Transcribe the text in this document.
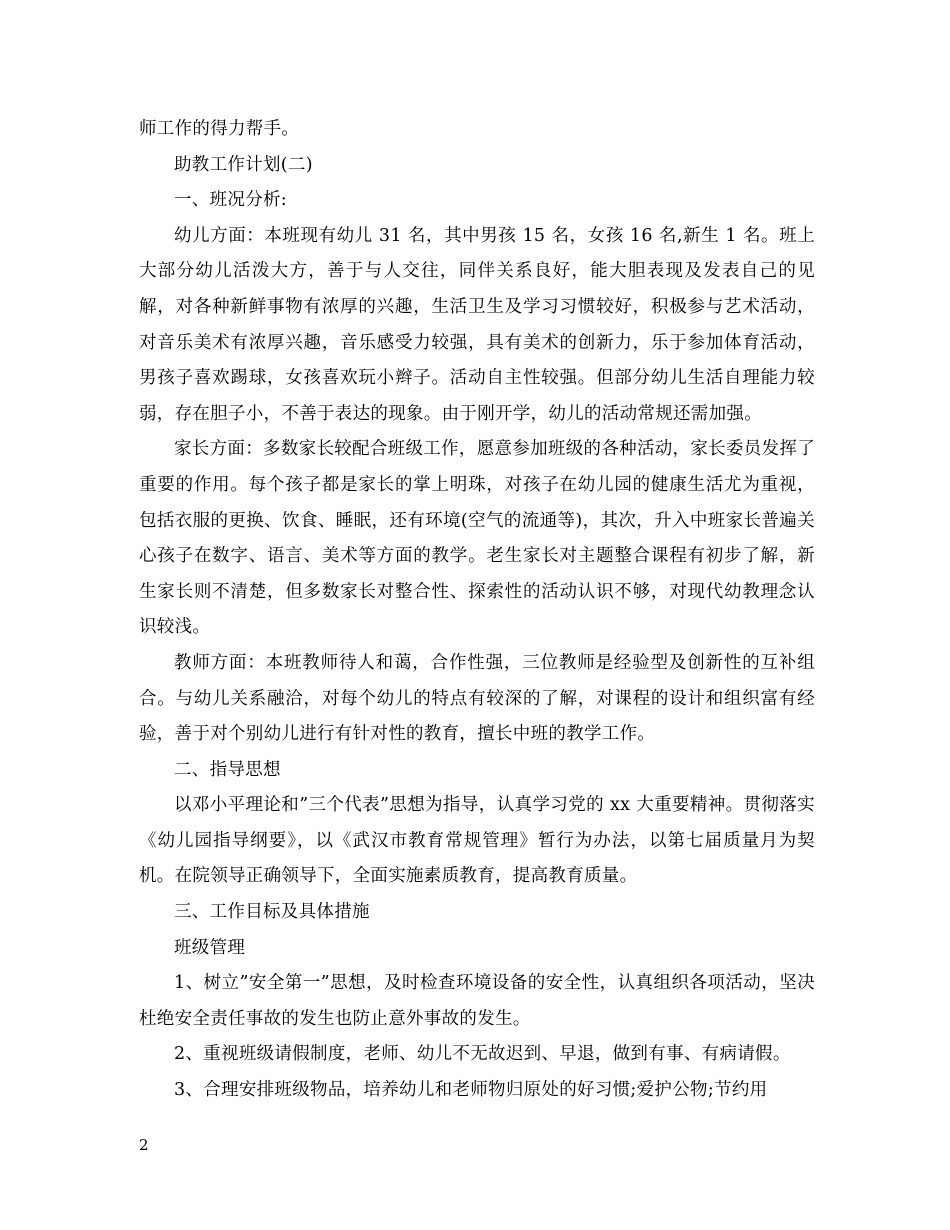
师工作的得力帮手。

助教工作计划(二)

一、班况分析:

幼儿方面：本班现有幼儿 31 名，其中男孩 15 名，女孩 16 名,新生 1 名。班上大部分幼儿活泼大方，善于与人交往，同伴关系良好，能大胆表现及发表自己的见解，对各种新鲜事物有浓厚的兴趣，生活卫生及学习习惯较好，积极参与艺术活动，对音乐美术有浓厚兴趣，音乐感受力较强，具有美术的创新力，乐于参加体育活动，男孩子喜欢踢球，女孩喜欢玩小辫子。活动自主性较强。但部分幼儿生活自理能力较弱，存在胆子小，不善于表达的现象。由于刚开学，幼儿的活动常规还需加强。

家长方面：多数家长较配合班级工作，愿意参加班级的各种活动，家长委员发挥了重要的作用。每个孩子都是家长的掌上明珠，对孩子在幼儿园的健康生活尤为重视，包括衣服的更换、饮食、睡眠，还有环境(空气的流通等)，其次，升入中班家长普遍关心孩子在数字、语言、美术等方面的教学。老生家长对主题整合课程有初步了解，新生家长则不清楚，但多数家长对整合性、探索性的活动认识不够，对现代幼教理念认识较浅。

教师方面：本班教师待人和蔼，合作性强，三位教师是经验型及创新性的互补组合。与幼儿关系融洽，对每个幼儿的特点有较深的了解，对课程的设计和组织富有经验，善于对个别幼儿进行有针对性的教育，擅长中班的教学工作。

二、指导思想

以邓小平理论和”三个代表”思想为指导，认真学习党的 xx 大重要精神。贯彻落实《幼儿园指导纲要》，以《武汉市教育常规管理》暂行为办法，以第七届质量月为契机。在院领导正确领导下，全面实施素质教育，提高教育质量。

三、工作目标及具体措施

班级管理

1、树立”安全第一”思想，及时检查环境设备的安全性，认真组织各项活动，坚决杜绝安全责任事故的发生也防止意外事故的发生。

2、重视班级请假制度，老师、幼儿不无故迟到、早退，做到有事、有病请假。

3、合理安排班级物品，培养幼儿和老师物归原处的好习惯;爱护公物;节约用

2
